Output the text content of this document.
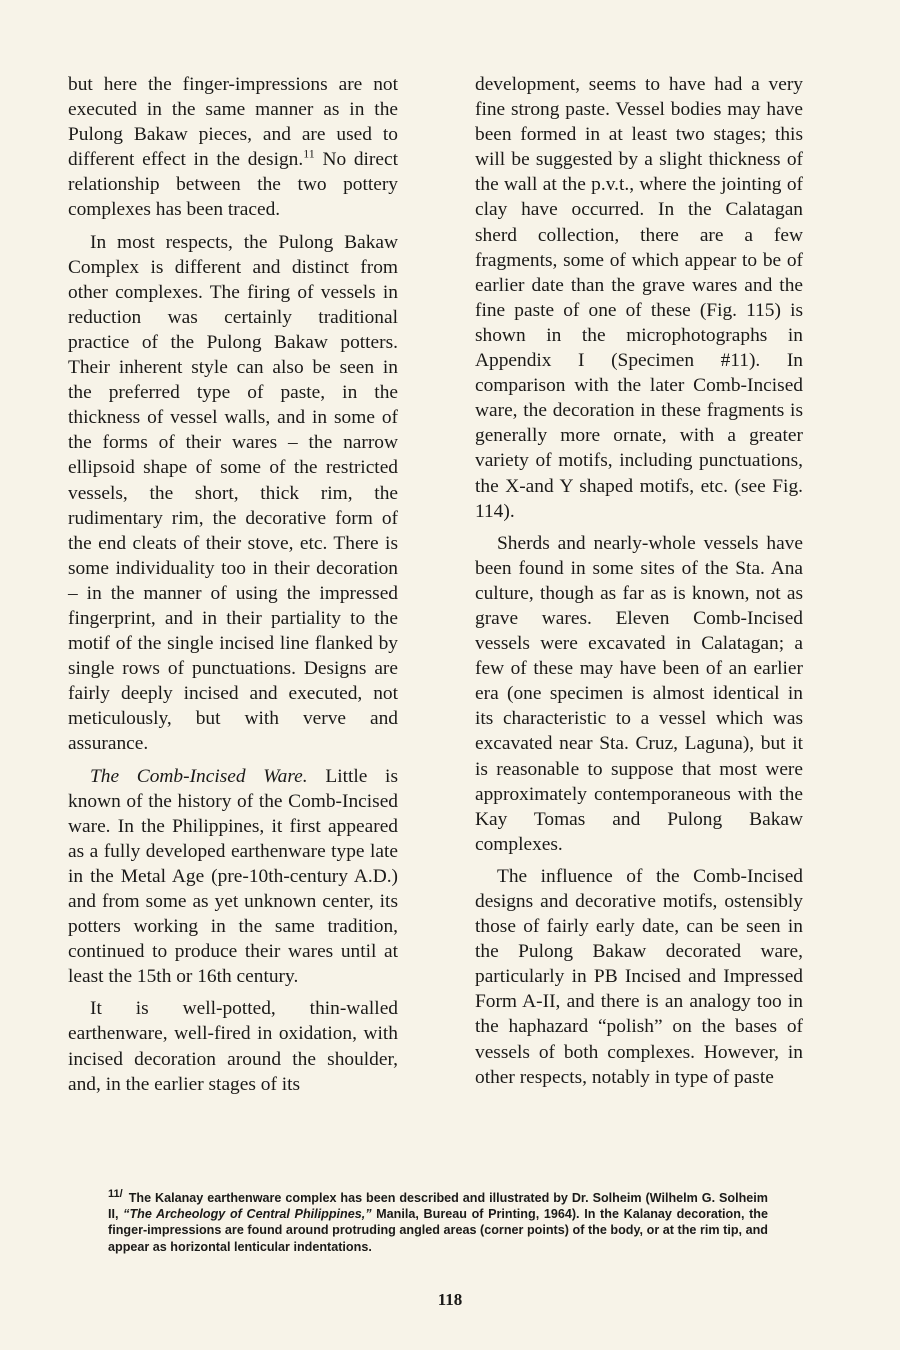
but here the finger-impressions are not executed in the same manner as in the Pulong Bakaw pieces, and are used to different effect in the design.$^{11}$ No direct relationship between the two pottery complexes has been traced.

In most respects, the Pulong Bakaw Complex is different and distinct from other complexes. The firing of vessels in reduction was certainly traditional practice of the Pulong Bakaw potters. Their inherent style can also be seen in the preferred type of paste, in the thickness of vessel walls, and in some of the forms of their wares – the narrow ellipsoid shape of some of the restricted vessels, the short, thick rim, the rudimentary rim, the decorative form of the end cleats of their stove, etc. There is some individuality too in their decoration – in the manner of using the impressed fingerprint, and in their partiality to the motif of the single incised line flanked by single rows of punctuations. Designs are fairly deeply incised and executed, not meticulously, but with verve and assurance.

The Comb-Incised Ware. Little is known of the history of the Comb-Incised ware. In the Philippines, it first appeared as a fully developed earthenware type late in the Metal Age (pre-10th-century A.D.) and from some as yet unknown center, its potters working in the same tradition, continued to produce their wares until at least the 15th or 16th century.

It is well-potted, thin-walled earthenware, well-fired in oxidation, with incised decoration around the shoulder, and, in the earlier stages of its

development, seems to have had a very fine strong paste. Vessel bodies may have been formed in at least two stages; this will be suggested by a slight thickness of the wall at the p.v.t., where the jointing of clay have occurred. In the Calatagan sherd collection, there are a few fragments, some of which appear to be of earlier date than the grave wares and the fine paste of one of these (Fig. 115) is shown in the microphotographs in Appendix I (Specimen #11). In comparison with the later Comb-Incised ware, the decoration in these fragments is generally more ornate, with a greater variety of motifs, including punctuations, the X-and Y shaped motifs, etc. (see Fig. 114).

Sherds and nearly-whole vessels have been found in some sites of the Sta. Ana culture, though as far as is known, not as grave wares. Eleven Comb-Incised vessels were excavated in Calatagan; a few of these may have been of an earlier era (one specimen is almost identical in its characteristic to a vessel which was excavated near Sta. Cruz, Laguna), but it is reasonable to suppose that most were approximately contemporaneous with the Kay Tomas and Pulong Bakaw complexes.

The influence of the Comb-Incised designs and decorative motifs, ostensibly those of fairly early date, can be seen in the Pulong Bakaw decorated ware, particularly in PB Incised and Impressed Form A-II, and there is an analogy too in the haphazard “polish” on the bases of vessels of both complexes. However, in other respects, notably in type of paste

11/ The Kalanay earthenware complex has been described and illustrated by Dr. Solheim (Wilhelm G. Solheim II, “The Archeology of Central Philippines,” Manila, Bureau of Printing, 1964). In the Kalanay decoration, the finger-impressions are found around protruding angled areas (corner points) of the body, or at the rim tip, and appear as horizontal lenticular indentations.
118
